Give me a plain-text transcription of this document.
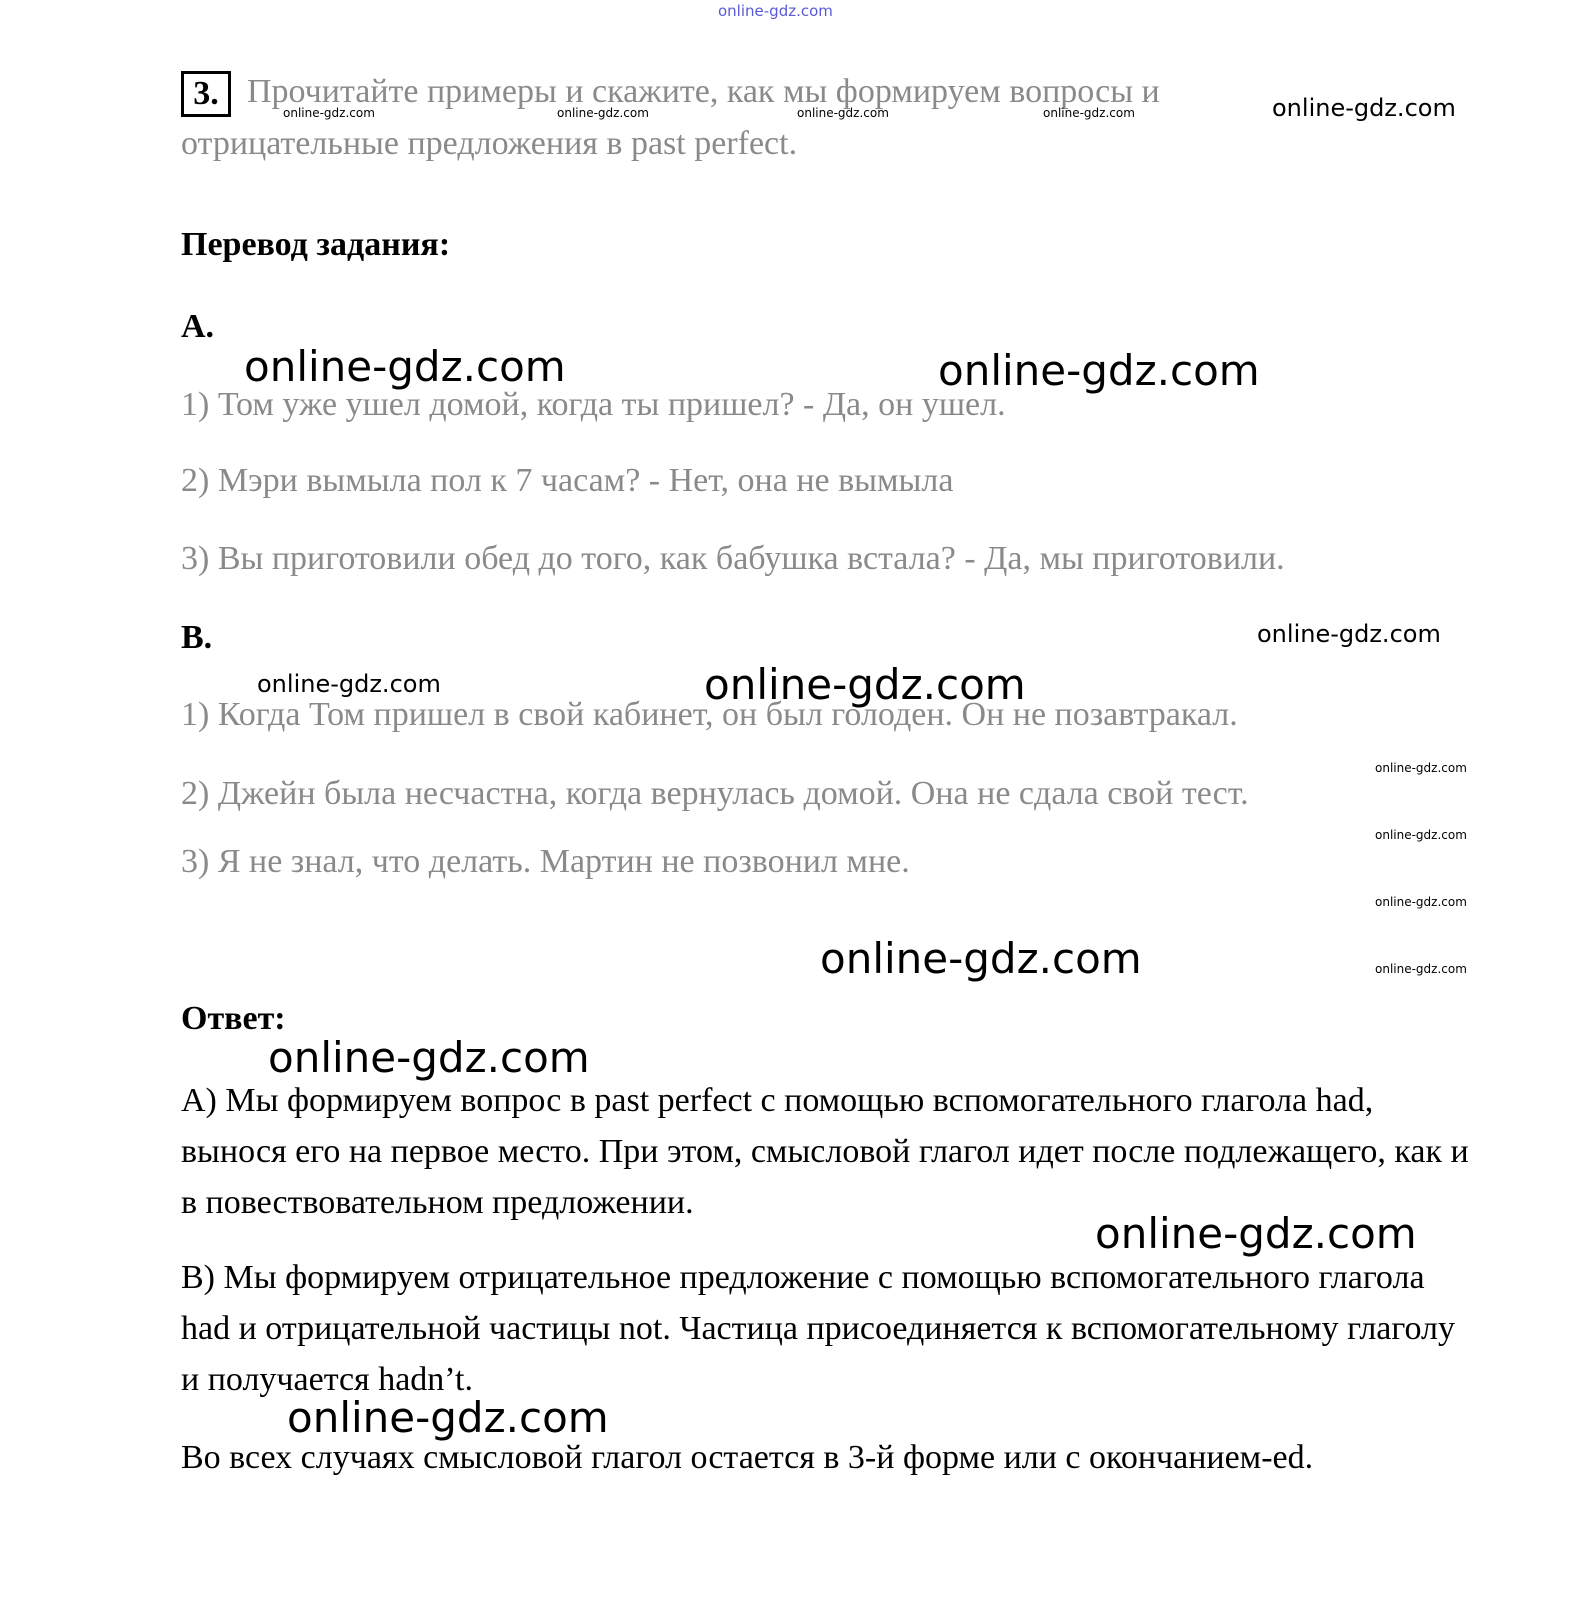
online-gdz.com
3. Прочитайте примеры и скажите, как мы формируем вопросы и отрицательные предложения в past perfect.
online-gdz.com	online-gdz.com	online-gdz.com	online-gdz.com	online-gdz.com
Перевод задания:
A.
online-gdz.com	online-gdz.com
1) Том уже ушел домой, когда ты пришел? - Да, он ушел.
2) Мэри вымыла пол к 7 часам? - Нет, она не вымыла
3) Вы приготовили обед до того, как бабушка встала? - Да, мы приготовили.
B.	online-gdz.com
online-gdz.com	online-gdz.com
1) Когда Том пришел в свой кабинет, он был голоден. Он не позавтракал.
2) Джейн была несчастна, когда вернулась домой. Она не сдала свой тест.
3) Я не знал, что делать. Мартин не позвонил мне.
online-gdz.com
online-gdz.com
online-gdz.com
online-gdz.com
online-gdz.com
Ответ:
online-gdz.com
A) Мы формируем вопрос в past perfect с помощью вспомогательного глагола had, вынося его на первое место. При этом, смысловой глагол идет после подлежащего, как и в повествовательном предложении.
online-gdz.com
B) Мы формируем отрицательное предложение с помощью вспомогательного глагола had и отрицательной частицы not. Частица присоединяется к вспомогательному глаголу и получается hadn’t.
online-gdz.com
Во всех случаях смысловой глагол остается в 3-й форме или с окончанием-ed.
